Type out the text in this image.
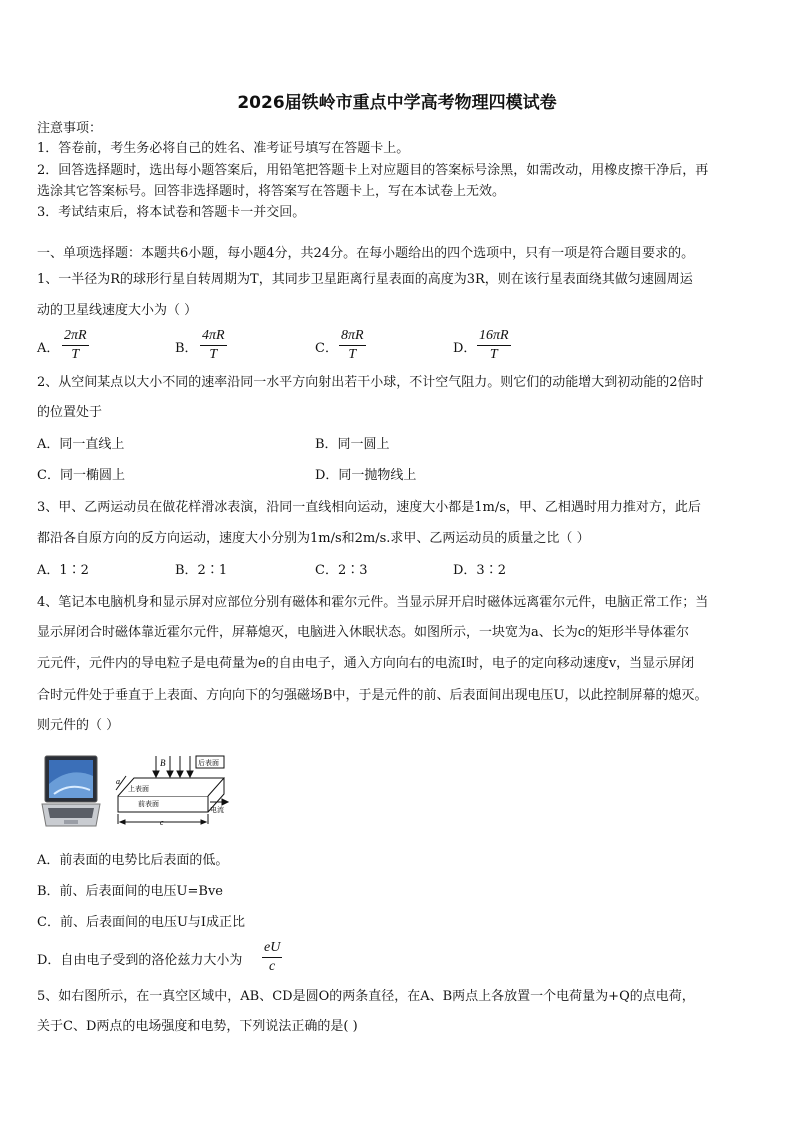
2026届铁岭市重点中学高考物理四模试卷
注意事项：
1．答卷前，考生务必将自己的姓名、准考证号填写在答题卡上。
2．回答选择题时，选出每小题答案后，用铅笔把答题卡上对应题目的答案标号涂黑，如需改动，用橡皮擦干净后，再
选涂其它答案标号。回答非选择题时，将答案写在答题卡上，写在本试卷上无效。
3．考试结束后，将本试卷和答题卡一并交回。
一、单项选择题：本题共6小题，每小题4分，共24分。在每小题给出的四个选项中，只有一项是符合题目要求的。
1、一半径为R的球形行星自转周期为T，其同步卫星距离行星表面的高度为3R，则在该行星表面绕其做匀速圆周运
动的卫星线速度大小为（ ）
A．
2πR
T	B．
4πR
T	C．
8πR
T	D．
16πR
T
2、从空间某点以大小不同的速率沿同一水平方向射出若干小球，不计空气阻力。则它们的动能增大到初动能的2倍时
的位置处于
A．同一直线上	B．同一圆上
C．同一椭圆上	D．同一抛物线上
3、甲、乙两运动员在做花样滑冰表演，沿同一直线相向运动，速度大小都是1m/s，甲、乙相遇时用力推对方，此后
都沿各自原方向的反方向运动，速度大小分别为1m/s和2m/s.求甲、乙两运动员的质量之比（ ）
A．1∶2	B．2∶1	C．2∶3	D．3∶2
4、笔记本电脑机身和显示屏对应部位分别有磁体和霍尔元件。当显示屏开启时磁体远离霍尔元件，电脑正常工作；当
显示屏闭合时磁体靠近霍尔元件，屏幕熄灭，电脑进入休眠状态。如图所示，一块宽为a、长为c的矩形半导体霍尔
元元件，元件内的导电粒子是电荷量为e的自由电子，通入方向向右的电流I时，电子的定向移动速度v，当显示屏闭
合时元件处于垂直于上表面、方向向下的匀强磁场B中，于是元件的前、后表面间出现电压U，以此控制屏幕的熄灭。
则元件的（ ）
B	后表面
a
上表面
前表面
电流
c
A．前表面的电势比后表面的低。
B．前、后表面间的电压U=Bve
C．前、后表面间的电压U与I成正比
D．自由电子受到的洛伦兹力大小为
eU
c
5、如右图所示，在一真空区域中，AB、CD是圆O的两条直径，在A、B两点上各放置一个电荷量为+Q的点电荷，
关于C、D两点的电场强度和电势，下列说法正确的是( )
